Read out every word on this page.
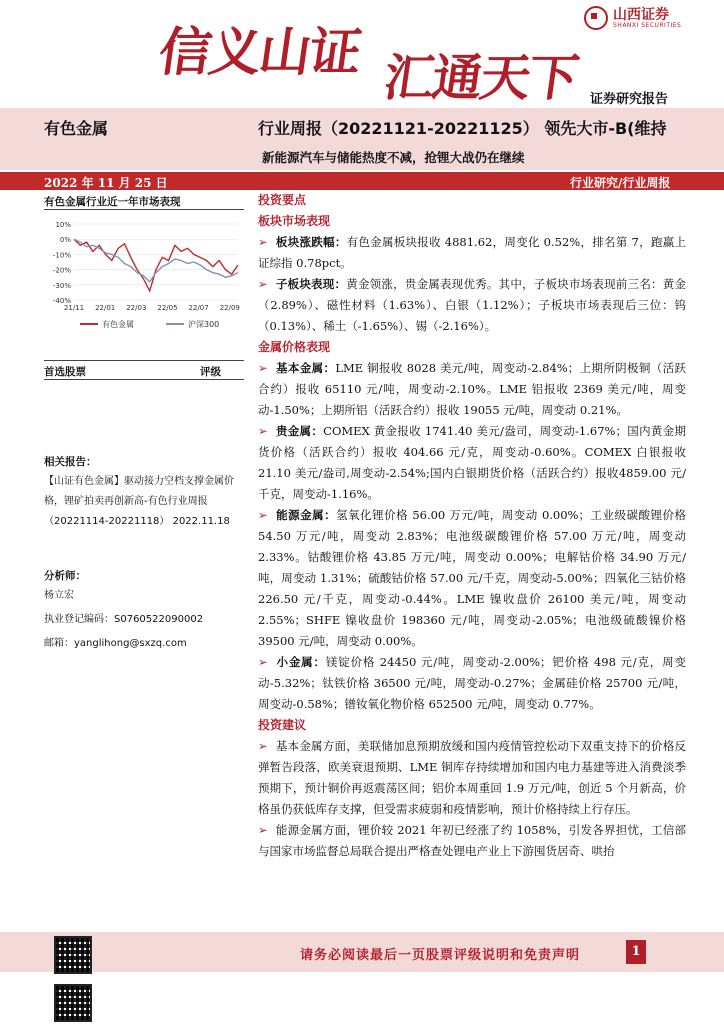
信义山证 汇通天下
山西证券
SHANXI SECURITIES
证券研究报告
有色金属	行业周报（20221121-20221125） 领先大市-B(维持
新能源汽车与储能热度不减，抢锂大战仍在继续
2022 年 11 月 25 日	行业研究/行业周报
有色金属行业近一年市场表现
10%
0%
-10%
-20%
-30%
-40%
21/11 22/01 22/03 22/05 22/07 22/09
有色金属	沪深300
首选股票	评级
相关报告：
【山证有色金属】驱动接力空档支撑金属价格，锂矿拍卖再创新高-有色行业周报（20221114-20221118） 2022.11.18
分析师：
杨立宏
执业登记编码：S0760522090002
邮箱：yanglihong@sxzq.com
投资要点
板块市场表现

➢ 板块涨跌幅：有色金属板块报收 4881.62，周变化 0.52%，排名第 7，跑赢上证综指 0.78pct。

➢ 子板块表现：黄金领涨，贵金属表现优秀。其中，子板块市场表现前三名：黄金（2.89%）、磁性材料（1.63%）、白银（1.12%）；子板块市场表现后三位：钨（0.13%）、稀土（-1.65%）、锡（-2.16%）。

金属价格表现

➢ 基本金属：LME 铜报收 8028 美元/吨，周变动-2.84%；上期所阴极铜（活跃合约）报收 65110 元/吨，周变动-2.10%。LME 铝报收 2369 美元/吨，周变动-1.50%；上期所铝（活跃合约）报收 19055 元/吨，周变动 0.21%。

➢ 贵金属：COMEX 黄金报收 1741.40 美元/盎司，周变动-1.67%；国内黄金期货价格（活跃合约）报收 404.66 元/克，周变动-0.60%。COMEX 白银报收 21.10 美元/盎司,周变动-2.54%;国内白银期货价格（活跃合约）报收4859.00 元/千克，周变动-1.16%。

➢ 能源金属：氢氧化锂价格 56.00 万元/吨，周变动 0.00%；工业级碳酸锂价格 54.50 万元/吨，周变动 2.83%；电池级碳酸锂价格 57.00 万元/吨，周变动 2.33%。钴酸锂价格 43.85 万元/吨，周变动 0.00%；电解钴价格 34.90 万元/吨，周变动 1.31%；硫酸钴价格 57.00 元/千克，周变动-5.00%；四氧化三钴价格 226.50 元/千克，周变动-0.44%。LME 镍收盘价 26100 美元/吨，周变动 2.55%；SHFE 镍收盘价 198360 元/吨，周变动-2.05%；电池级硫酸镍价格 39500 元/吨，周变动 0.00%。

➢ 小金属：镁锭价格 24450 元/吨，周变动-2.00%；钯价格 498 元/克，周变动-5.32%；钛铁价格 36500 元/吨，周变动-0.27%；金属硅价格 25700 元/吨，周变动-0.58%；镨钕氧化物价格 652500 元/吨，周变动 0.77%。

投资建议

➢ 基本金属方面，美联储加息预期放缓和国内疫情管控松动下双重支持下的价格反弹暂告段落，欧美衰退预期、LME 铜库存持续增加和国内电力基建等进入消费淡季预期下，预计铜价再返震荡区间；铝价本周重回 1.9 万元/吨，创近 5 个月新高，价格虽仍获低库存支撑，但受需求疲弱和疫情影响，预计价格持续上行存压。

➢ 能源金属方面，锂价较 2021 年初已经涨了约 1058%，引发各界担忧，工信部与国家市场监督总局联合提出严格查处锂电产业上下游囤货居奇、哄抬

请务必阅读最后一页股票评级说明和免责声明	1
